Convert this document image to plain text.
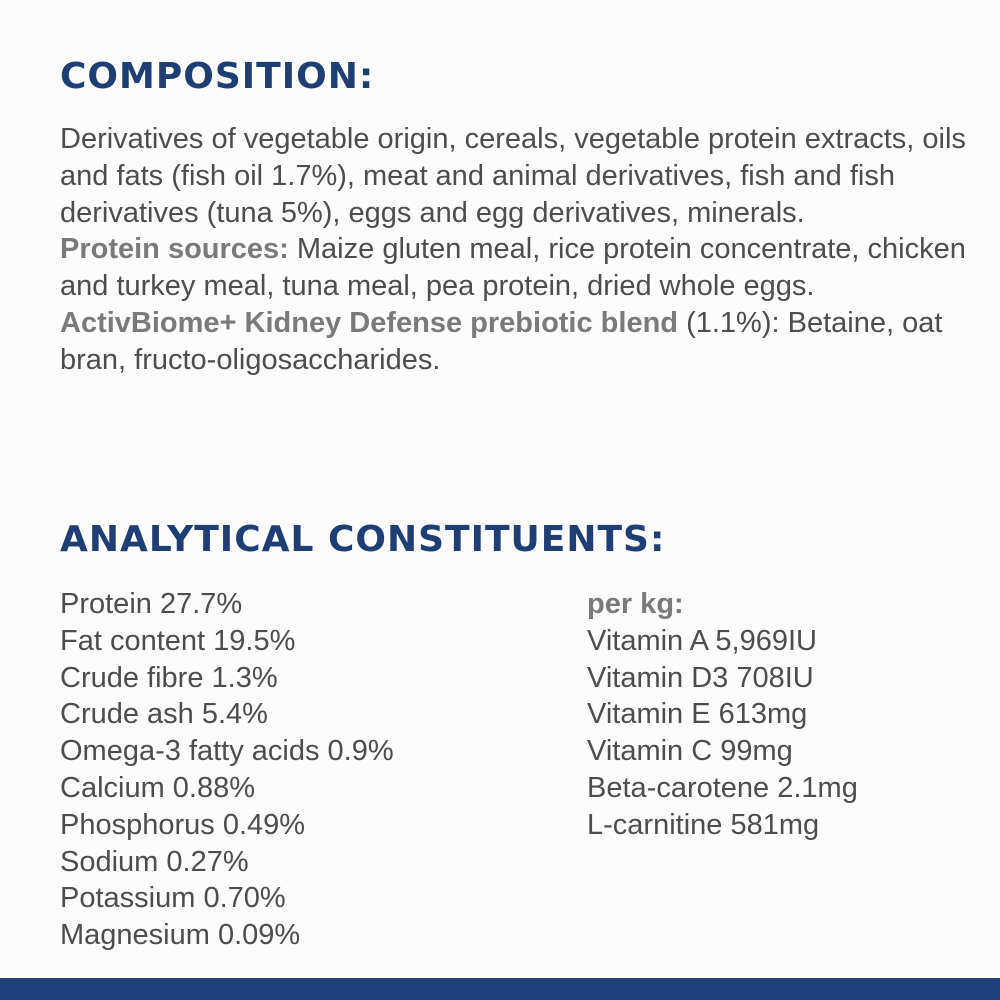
COMPOSITION:

Derivatives of vegetable origin, cereals, vegetable protein extracts, oils and fats (fish oil 1.7%), meat and animal derivatives, fish and fish derivatives (tuna 5%), eggs and egg derivatives, minerals.
Protein sources: Maize gluten meal, rice protein concentrate, chicken and turkey meal, tuna meal, pea protein, dried whole eggs.
ActivBiome+ Kidney Defense prebiotic blend (1.1%): Betaine, oat bran, fructo-oligosaccharides.

ANALYTICAL CONSTITUENTS:
Protein 27.7%
Fat content 19.5%
Crude fibre 1.3%
Crude ash 5.4%
Omega-3 fatty acids 0.9%
Calcium 0.88%
Phosphorus 0.49%
Sodium 0.27%
Potassium 0.70%
Magnesium 0.09%
per kg:
Vitamin A 5,969IU
Vitamin D3 708IU
Vitamin E 613mg
Vitamin C 99mg
Beta-carotene 2.1mg
L-carnitine 581mg
